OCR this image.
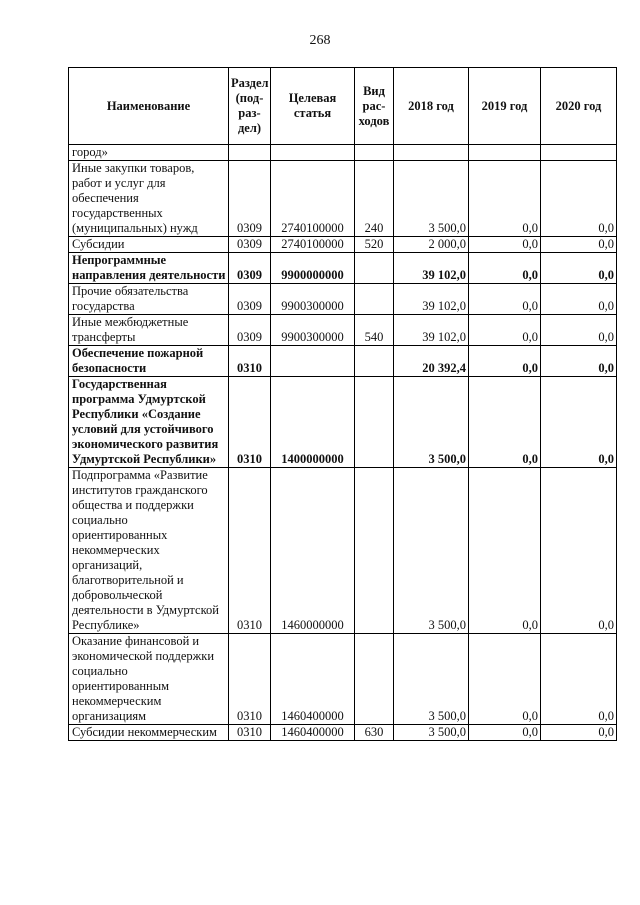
268
Наименование	Раздел (под-раз-дел)	Целевая статья	Вид рас-ходов	2018 год	2019 год	2020 год
город»						
Иные закупки товаров, работ и услуг для обеспечения государственных (муниципальных) нужд	0309	2740100000	240	3 500,0	0,0	0,0
Субсидии	0309	2740100000	520	2 000,0	0,0	0,0
Непрограммные направления деятельности	0309	9900000000		39 102,0	0,0	0,0
Прочие обязательства государства	0309	9900300000		39 102,0	0,0	0,0
Иные межбюджетные трансферты	0309	9900300000	540	39 102,0	0,0	0,0
Обеспечение пожарной безопасности	0310			20 392,4	0,0	0,0
Государственная программа Удмуртской Республики «Создание условий для устойчивого экономического развития Удмуртской Республики»	0310	1400000000		3 500,0	0,0	0,0
Подпрограмма «Развитие институтов гражданского общества и поддержки социально ориентированных некоммерческих организаций, благотворительной и добровольческой деятельности в Удмуртской Республике»	0310	1460000000		3 500,0	0,0	0,0
Оказание финансовой и экономической поддержки социально ориентированным некоммерческим организациям	0310	1460400000		3 500,0	0,0	0,0
Субсидии некоммерческим	0310	1460400000	630	3 500,0	0,0	0,0
